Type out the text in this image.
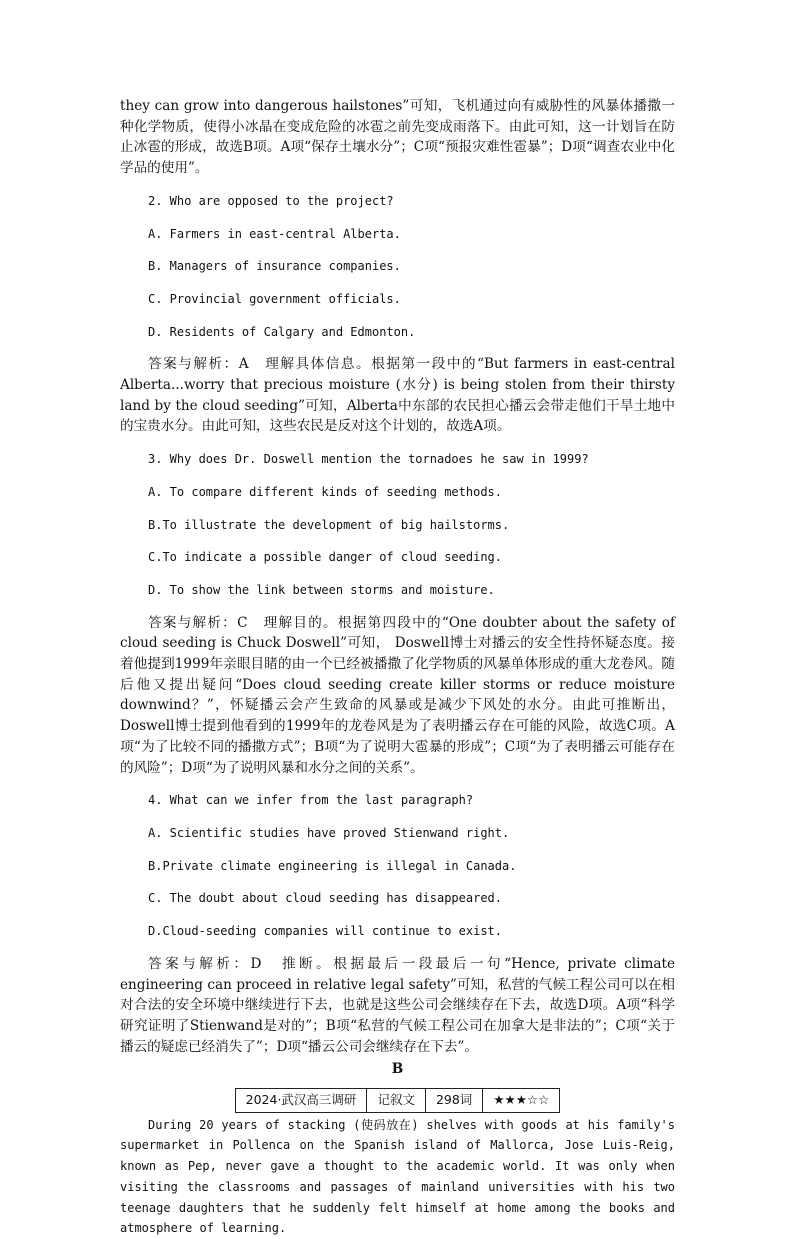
they can grow into dangerous hailstones”可知，飞机通过向有威胁性的风暴体播撒一种化学物质，使得小冰晶在变成危险的冰雹之前先变成雨落下。由此可知，这一计划旨在防止冰雹的形成，故选B项。A项“保存土壤水分”；C项“预报灾难性雹暴”；D项“调查农业中化学品的使用”。

2. Who are opposed to the project?

A. Farmers in east-central Alberta.

B. Managers of insurance companies.

C. Provincial government officials.

D. Residents of Calgary and Edmonton.

答案与解析：A　理解具体信息。根据第一段中的“But farmers in east-central Alberta...worry that precious moisture (水分) is being stolen from their thirsty land by the cloud seeding”可知，Alberta中东部的农民担心播云会带走他们干旱土地中的宝贵水分。由此可知，这些农民是反对这个计划的，故选A项。

3. Why does Dr. Doswell mention the tornadoes he saw in 1999?

A. To compare different kinds of seeding methods.

B.To illustrate the development of big hailstorms.

C.To indicate a possible danger of cloud seeding.

D. To show the link between storms and moisture.

答案与解析：C　理解目的。根据第四段中的“One doubter about the safety of cloud seeding is Chuck Doswell”可知， Doswell博士对播云的安全性持怀疑态度。接着他提到1999年亲眼目睹的由一个已经被播撒了化学物质的风暴单体形成的重大龙卷风。随后他又提出疑问“Does cloud seeding create killer storms or reduce moisture downwind？”，怀疑播云会产生致命的风暴或是减少下风处的水分。由此可推断出，Doswell博士提到他看到的1999年的龙卷风是为了表明播云存在可能的风险，故选C项。A项“为了比较不同的播撒方式”；B项“为了说明大雹暴的形成”；C项“为了表明播云可能存在的风险”；D项“为了说明风暴和水分之间的关系”。

4. What can we infer from the last paragraph?

A. Scientific studies have proved Stienwand right.

B.Private climate engineering is illegal in Canada.

C. The doubt about cloud seeding has disappeared.

D.Cloud-seeding companies will continue to exist.

答案与解析：D　推断。根据最后一段最后一句“Hence, private climate engineering can proceed in relative legal safety”可知，私营的气候工程公司可以在相对合法的安全环境中继续进行下去，也就是这些公司会继续存在下去，故选D项。A项“科学研究证明了Stienwand是对的”；B项“私营的气候工程公司在加拿大是非法的”；C项“关于播云的疑虑已经消失了”；D项“播云公司会继续存在下去”。

B

2024·武汉高三调研	记叙文	298词	★★★☆☆

During 20 years of stacking (使码放在) shelves with goods at his family's supermarket in Pollenca on the Spanish island of Mallorca, Jose Luis-Reig, known as Pep, never gave a thought to the academic world. It was only when visiting the classrooms and passages of mainland universities with his two teenage daughters that he suddenly felt himself at home among the books and atmosphere of learning.
